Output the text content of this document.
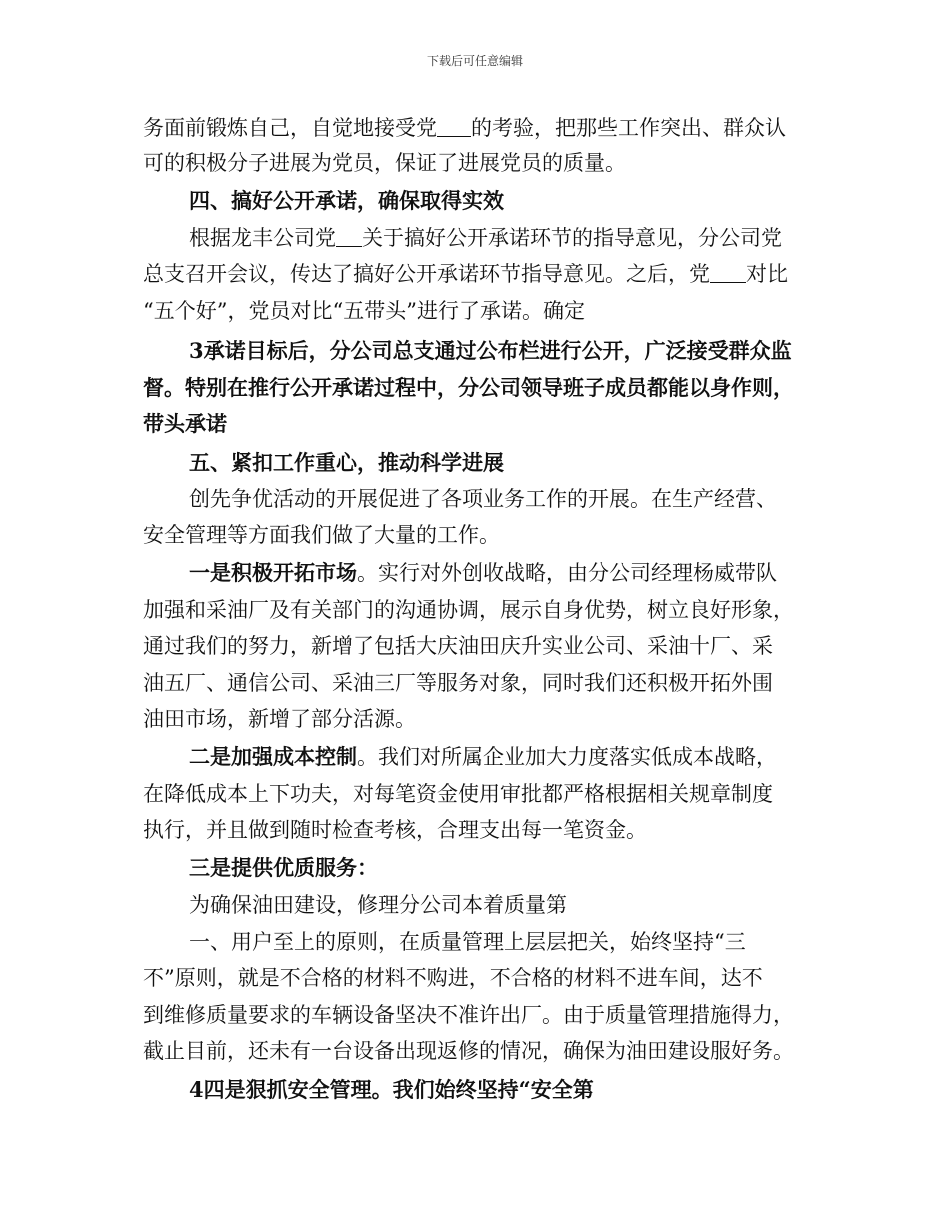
下载后可任意编辑
务面前锻炼自己，自觉地接受党 的考验，把那些工作突出、群众认
可的积极分子进展为党员，保证了进展党员的质量。
四、搞好公开承诺，确保取得实效
根据龙丰公司党 关于搞好公开承诺环节的指导意见，分公司党
总支召开会议，传达了搞好公开承诺环节指导意见。之后，党 对比
“五个好”，党员对比“五带头”进行了承诺。确定
3承诺目标后，分公司总支通过公布栏进行公开，广泛接受群众监
督。特别在推行公开承诺过程中，分公司领导班子成员都能以身作则，
带头承诺
五、紧扣工作重心，推动科学进展
创先争优活动的开展促进了各项业务工作的开展。在生产经营、
安全管理等方面我们做了大量的工作。
一是积极开拓市场。实行对外创收战略，由分公司经理杨威带队
加强和采油厂及有关部门的沟通协调，展示自身优势，树立良好形象，
通过我们的努力，新增了包括大庆油田庆升实业公司、采油十厂、采
油五厂、通信公司、采油三厂等服务对象，同时我们还积极开拓外围
油田市场，新增了部分活源。
二是加强成本控制。我们对所属企业加大力度落实低成本战略，
在降低成本上下功夫，对每笔资金使用审批都严格根据相关规章制度
执行，并且做到随时检查考核，合理支出每一笔资金。
三是提供优质服务：
为确保油田建设，修理分公司本着质量第
一、用户至上的原则，在质量管理上层层把关，始终坚持“三
不”原则，就是不合格的材料不购进，不合格的材料不进车间，达不
到维修质量要求的车辆设备坚决不准许出厂。由于质量管理措施得力，
截止目前，还未有一台设备出现返修的情况，确保为油田建设服好务。
4四是狠抓安全管理。我们始终坚持“安全第
